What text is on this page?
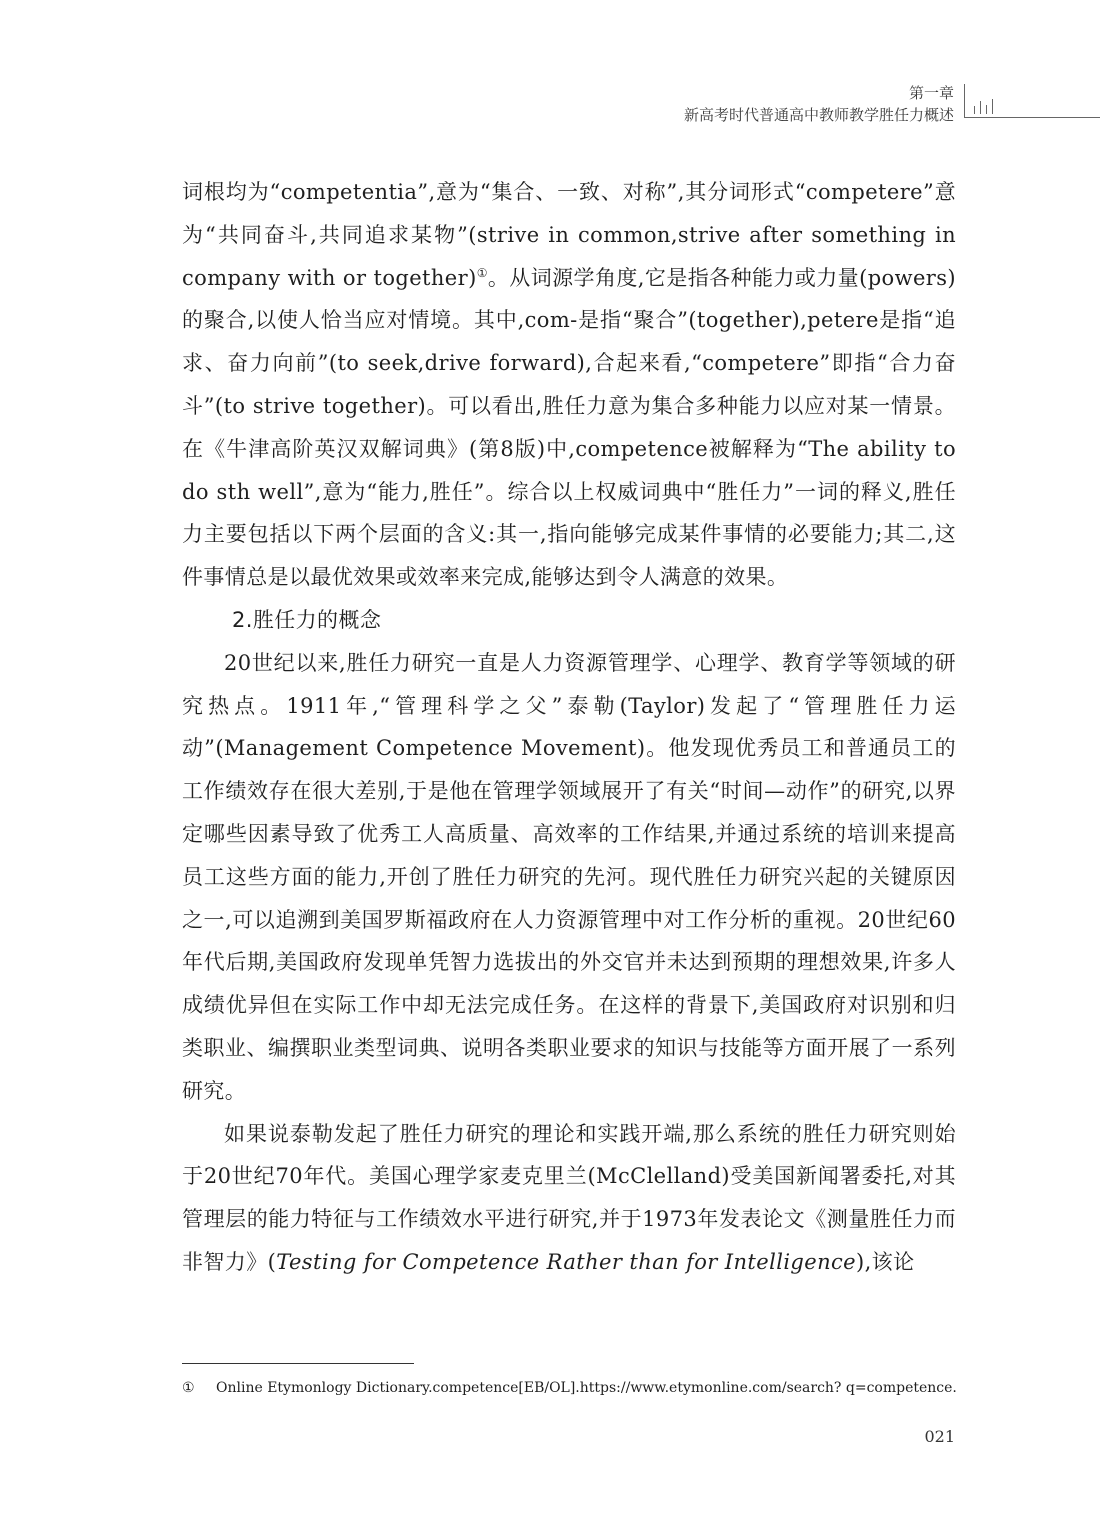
第一章
新高考时代普通高中教师教学胜任力概述

词根均为“competentia”,意为“集合、一致、对称”,其分词形式“competere”意为“共同奋斗,共同追求某物”(strive in common,strive after something in company with or together)①。从词源学角度,它是指各种能力或力量(powers)的聚合,以使人恰当应对情境。其中,com-是指“聚合”(together),petere是指“追求、奋力向前”(to seek,drive forward),合起来看,“competere”即指“合力奋斗”(to strive together)。可以看出,胜任力意为集合多种能力以应对某一情景。在《牛津高阶英汉双解词典》(第8版)中,competence被解释为“The ability to do sth well”,意为“能力,胜任”。综合以上权威词典中“胜任力”一词的释义,胜任力主要包括以下两个层面的含义:其一,指向能够完成某件事情的必要能力;其二,这件事情总是以最优效果或效率来完成,能够达到令人满意的效果。

2.胜任力的概念

20世纪以来,胜任力研究一直是人力资源管理学、心理学、教育学等领域的研究热点。1911年,“管理科学之父”泰勒(Taylor)发起了“管理胜任力运动”(Management Competence Movement)。他发现优秀员工和普通员工的工作绩效存在很大差别,于是他在管理学领域展开了有关“时间—动作”的研究,以界定哪些因素导致了优秀工人高质量、高效率的工作结果,并通过系统的培训来提高员工这些方面的能力,开创了胜任力研究的先河。现代胜任力研究兴起的关键原因之一,可以追溯到美国罗斯福政府在人力资源管理中对工作分析的重视。20世纪60年代后期,美国政府发现单凭智力选拔出的外交官并未达到预期的理想效果,许多人成绩优异但在实际工作中却无法完成任务。在这样的背景下,美国政府对识别和归类职业、编撰职业类型词典、说明各类职业要求的知识与技能等方面开展了一系列研究。

如果说泰勒发起了胜任力研究的理论和实践开端,那么系统的胜任力研究则始于20世纪70年代。美国心理学家麦克里兰(McClelland)受美国新闻署委托,对其管理层的能力特征与工作绩效水平进行研究,并于1973年发表论文《测量胜任力而非智力》(Testing for Competence Rather than for Intelligence),该论

① Online Etymonlogy Dictionary.competence[EB/OL].https://www.etymonline.com/search? q=competence.
021
